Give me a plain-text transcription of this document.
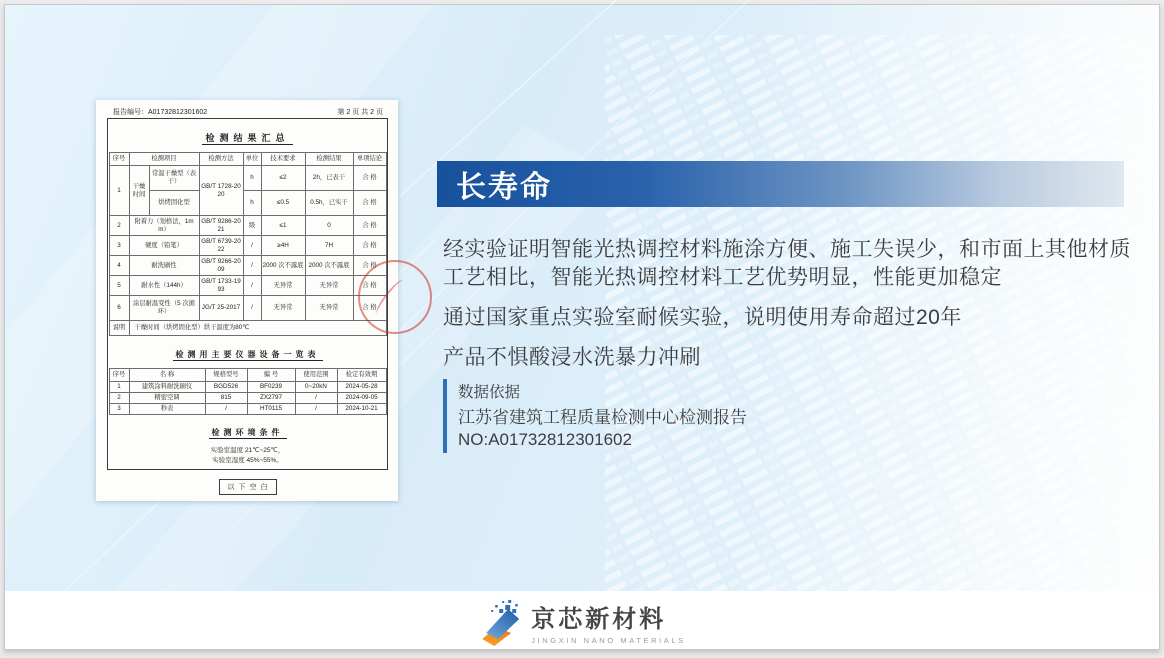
报告编号：A01732812301602	第 2 页 共 2 页
检测结果汇总
序号	检测项目		检测方法	单位	技术要求	检测结果	单项结论
1	干燥时间	常温干燥型（表干）	GB/T 1728-2020	h	≤2	2h，已表干	合 格
		烘烤固化型		h	≤0.5	0.5h，已实干	合 格
2	附着力（划格法，1mm）		GB/T 9286-2021	级	≤1	0	合 格
3	硬度（铅笔）		GB/T 6739-2022	/	≥4H	7H	合 格
4	耐洗刷性		GB/T 9266-2009	/	2000 次不露底	2000 次不露底	合 格
5	耐水性（144h）		GB/T 1733-1993	/	无异常	无异常	合 格
6	涂层耐温变性（5 次循环）		JG/T 25-2017	/	无异常	无异常	合 格
说明	干燥时间（烘烤固化型）烘干温度为80℃						
检测用主要仪器设备一览表
序号	名 称	规格型号	编 号	使用范围	检定有效期
1	建筑涂料耐洗刷仪	BGD526	BF0239	0~20kN	2024-05-28
2	精密空调	815	ZX2797	/	2024-09-05
3	秒表	/	HT0115	/	2024-10-21
检测环境条件
实验室温度 21℃~25℃，
实验室湿度 45%~55%。
以下空白
长寿命

经实验证明智能光热调控材料施涂方便、施工失误少，和市面上其他材质工艺相比，智能光热调控材料工艺优势明显，性能更加稳定

通过国家重点实验室耐候实验，说明使用寿命超过20年

产品不惧酸浸水洗暴力冲刷

数据依据
江苏省建筑工程质量检测中心检测报告
NO:A01732812301602
京芯新材料
JINGXIN NANO MATERIALS
